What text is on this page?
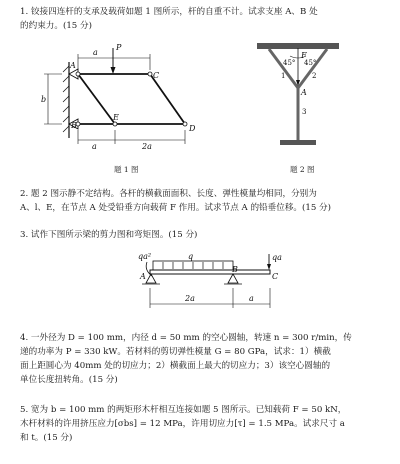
1. 铰接四连杆的支承及载荷如题 1 图所示，杆的自重不计。试求支座 A、B 处
的约束力。(15 分)
a
P
C
b
A
B
E
D
a	2a
F
45° 45°
1	2
3
A
题 1 图	题 2 图
2. 题 2 图示静不定结构。各杆的横截面面积、长度、弹性模量均相同，分别为
A、l、E，在节点 A 处受铅垂方向载荷 F 作用。试求节点 A 的铅垂位移。(15 分)
3. 试作下图所示梁的剪力图和弯矩图。(15 分)
qa²	q	qa
A
B
C
2a	a
4. 一外径为 D = 100 mm，内径 d = 50 mm 的空心圆轴，转速 n = 300 r/min，传
递的功率为 P = 330 kW。若材料的剪切弹性模量 G = 80 GPa，试求：1）横截
面上距圆心为 40mm 处的切应力；2）横截面上最大的切应力；3）该空心圆轴的
单位长度扭转角。(15 分)
5. 宽为 b = 100 mm 的两矩形木杆相互连接如题 5 图所示。已知载荷 F = 50 kN，
木杆材料的许用挤压应力[σbs] = 12 MPa，许用切应力[τ] = 1.5 MPa。试求尺寸 a
和 t。(15 分)
